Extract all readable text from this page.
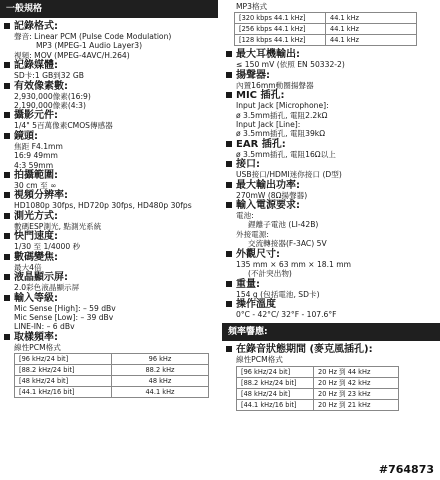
一般規格
記錄格式:
聲音: Linear PCM (Pulse Code Modulation)
MP3 (MPEG-1 Audio Layer3)
視頻: MOV (MPEG-4AVC/H.264)
記錄媒體:
SD卡:1 GB到32 GB
有效像素數:
2,930,000像素(16:9)
2,190,000像素(4:3)
攝影元件:
1/4" 5百萬像素CMOS傳感器
鏡頭:
焦距 F4.1mm
16:9 49mm
4:3 59mm
拍攝範圍:
30 cm 至 ∞
視頻分辨率:
HD1080p 30fps, HD720p 30fps, HD480p 30fps
測光方式:
數碼ESP測光, 點測光系統
快門速度:
1/30 至 1/4000 秒
數碼變焦:
最大4倍
液晶顯示屏:
2.0彩色液晶顯示屏
輸入等級:
Mic Sense [High]: – 59 dBv
Mic Sense [Low]: – 39 dBv
LINE-IN: – 6 dBv
取樣頻率:
線性PCM格式
[96 kHz/24 bit]	96 kHz
[88.2 kHz/24 bit]	88.2 kHz
[48 kHz/24 bit]	48 kHz
[44.1 kHz/16 bit]	44.1 kHz
MP3格式
[320 kbps 44.1 kHz]	44.1 kHz
[256 kbps 44.1 kHz]	44.1 kHz
[128 kbps 44.1 kHz]	44.1 kHz
最大耳機輸出:
≤ 150 mV (依照 EN 50332-2)
揚聲器:
內置16mm動圈揚聲器
MIC 插孔:
Input Jack [Microphone]:
ø 3.5mm插孔, 電阻2.2kΩ
Input Jack [Line]:
ø 3.5mm插孔, 電阻39kΩ
EAR 插孔:
ø 3.5mm插孔, 電阻16Ω以上
接口:
USB接口/HDMI迷你接口 (D型)
最大輸出功率:
270mW (8Ω揚聲器)
輸入電源要求:
電池:
鋰離子電池 (LI-42B)
外接電源:
交流轉接器(F-3AC) 5V
外觀尺寸:
135 mm × 63 mm × 18.1 mm
(不計突出物)
重量:
154 g (包括電池, SD卡)
操作溫度
0°C - 42°C/ 32°F - 107.6°F
頻率響應:
在錄音狀態期間 (麥克風插孔):
線性PCM格式
[96 kHz/24 bit]	20 Hz 到 44 kHz
[88.2 kHz/24 bit]	20 Hz 到 42 kHz
[48 kHz/24 bit]	20 Hz 到 23 kHz
[44.1 kHz/16 bit]	20 Hz 到 21 kHz
#764873
